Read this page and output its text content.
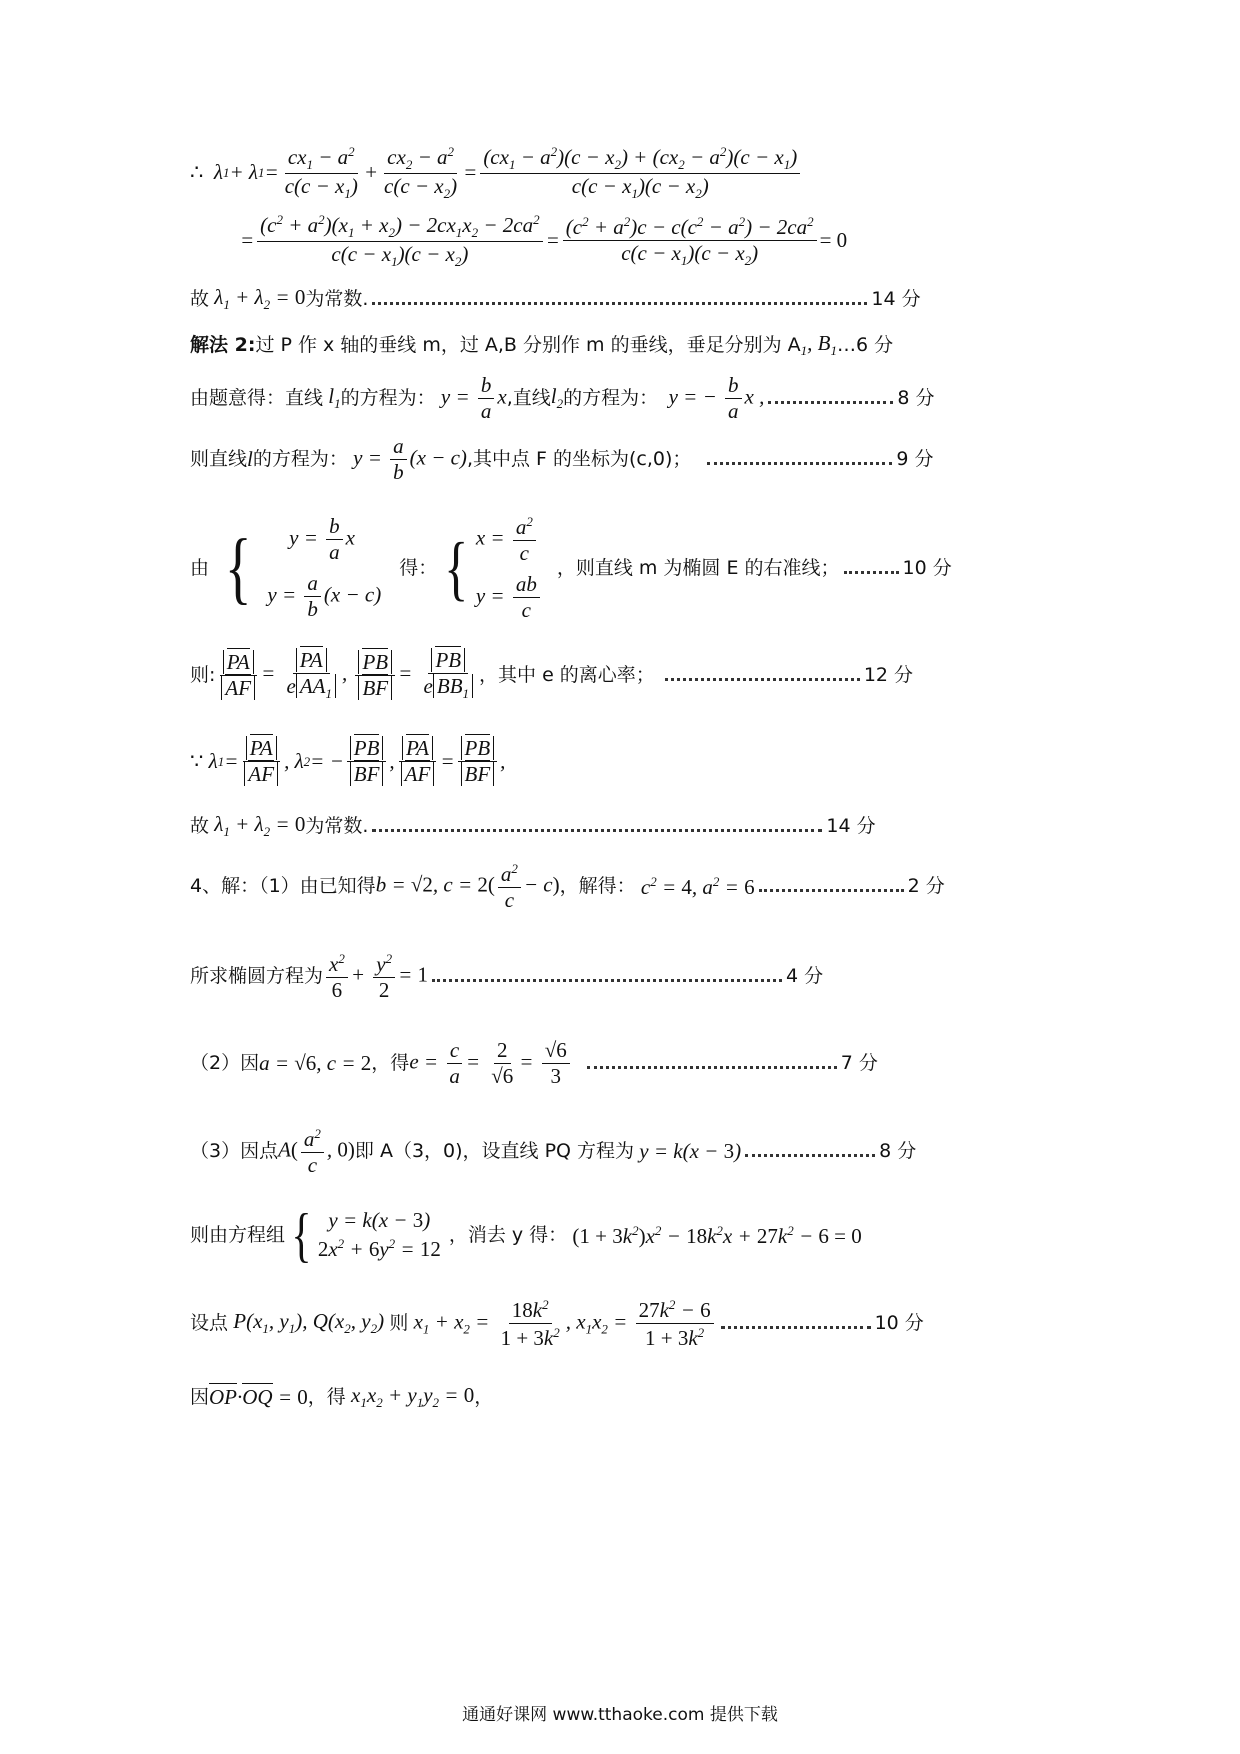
∴ λ 1 + λ $1 = \frac{cx_1 - a^2}{c(c - x_1)} + \frac{cx_2 - a^2}{c(c - x_2)} = \frac{(cx_1 - a^2)(c - x_2) + (cx_2 - a^2)(c - x_1)}{c(c - x_1)(c - x_2)}$
= $\frac{(c^2 + a^2)(x_1 + x_2) - 2cx_1x_2 - 2ca^2}{c(c - x_1)(c - x_2)} = \frac{(c^2 + a^2)c - c(c^2 - a^2) - 2ca^2}{c(c - x_1)(c - x_2)} = 0$
故 $\lambda_1 + \lambda_2 = 0$ 为常数.	14 分
解法 2: 过 P 作 x 轴的垂线 m，过 A,B 分别作 m 的垂线，垂足分别为 A $_1$, $B_1$ …6 分
由题意得：直线 $l_1$ 的方程为： $y = \frac{b}{a}$ x ,直线 $l_2$ 的方程为： y = − $\frac{b}{a}$ x ,	8 分
则直线 l 的方程为： $y = \frac{a}{b} (x - c)$ ,其中点 F 的坐标为(c,0)；	9 分
由 { $y = \frac{b}{a}$ x
$y = \frac{a}{b} (x - c)$
得： { $x = \frac{a^2}{c}$
$y = \frac{ab}{c}$
，则直线 m 为椭圆 E 的右准线；	10 分
则: $\frac{PA}{AF} = \frac{PA}{e AA_1}$ , $\frac{PB}{BF} = \frac{PB}{e BB_1}$ ，其中 e 的离心率；	12 分
∵ λ $1 = \frac{PA}{AF}$ , λ 2 = − $\frac{PB}{BF}$ , $\frac{PA}{AF} = \frac{PB}{BF}$ ,
故 $\lambda_1 + \lambda_2 = 0$ 为常数.	14 分
4、解：（1）由已知得 b = √2, $c = 2( \frac{a^2}{c} - c)$ ，解得： $c^2 = 4$, $a^2 = 6$	2 分
所求椭圆方程为 $\frac{x^2}{6} + \frac{y^2}{2} = 1$	4 分
（2）因 a = √6, c = 2 ，得 $e = \frac{c}{a} = \frac{2}{√6} = \frac{√6}{3}$	7 分
（3）因点 $A( \frac{a^2}{c}$ , 0) 即 A（3，0)，设直线 PQ 方程为 y = k(x − 3)	8 分
则由方程组 { y = k(x − 3)
$2x^2 + 6y^2 = 12$
，消去 y 得： $(1 + 3k^2)x^2 - 18k^2x + 27k^2 - 6 = 0$
设点 $P(x_1$, $y_1$), $Q(x_2$, $y_2$) 则 $x_1 + x_2 = \frac{18k^2}{1 + 3k^2}$ , $x_1x_2 = \frac{27k^2 - 6}{1 + 3k^2}$	10 分
因 OP·OQ = 0 ，得 $x_1x_2 + y_1y_2 = 0$ ，
通通好课网 www.tthaoke.com 提供下载
